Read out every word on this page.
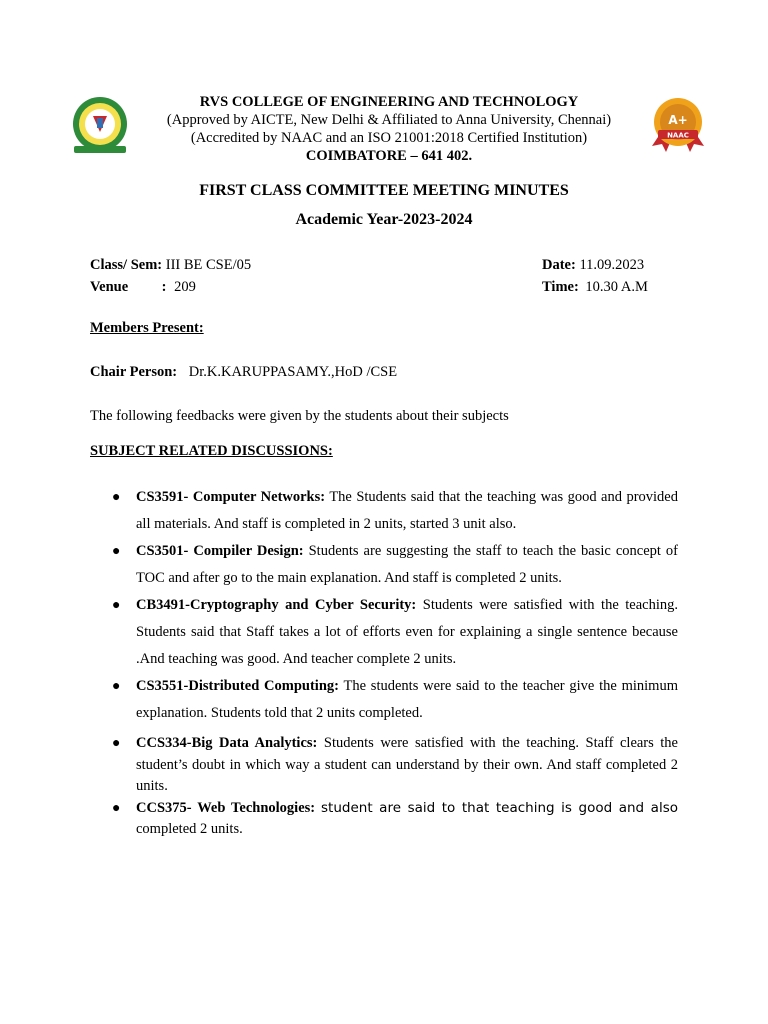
RVS COLLEGE OF ENGINEERING AND TECHNOLOGY
(Approved by AICTE, New Delhi & Affiliated to Anna University, Chennai)
(Accredited by NAAC and an ISO 21001:2018 Certified Institution)
COIMBATORE – 641 402.
A+
NAAC
FIRST CLASS COMMITTEE MEETING MINUTES
Academic Year-2023-2024
Class/ Sem: III BE CSE/05
Venue : 209
Date: 11.09.2023
Time: 10.30 A.M
Members Present:
Chair Person: Dr.K.KARUPPASAMY.,HoD /CSE
The following feedbacks were given by the students about their subjects
SUBJECT RELATED DISCUSSIONS:
● CS3591- Computer Networks: The Students said that the teaching was good and provided all materials. And staff is completed in 2 units, started 3 unit also.
● CS3501- Compiler Design: Students are suggesting the staff to teach the basic concept of TOC and after go to the main explanation. And staff is completed 2 units.
● CB3491-Cryptography and Cyber Security: Students were satisfied with the teaching. Students said that Staff takes a lot of efforts even for explaining a single sentence because .And teaching was good. And teacher complete 2 units.
● CS3551-Distributed Computing: The students were said to the teacher give the minimum explanation. Students told that 2 units completed.
● CCS334-Big Data Analytics: Students were satisfied with the teaching. Staff clears the student’s doubt in which way a student can understand by their own. And staff completed 2 units.
● CCS375- Web Technologies: student are said to that teaching is good and also completed 2 units.
